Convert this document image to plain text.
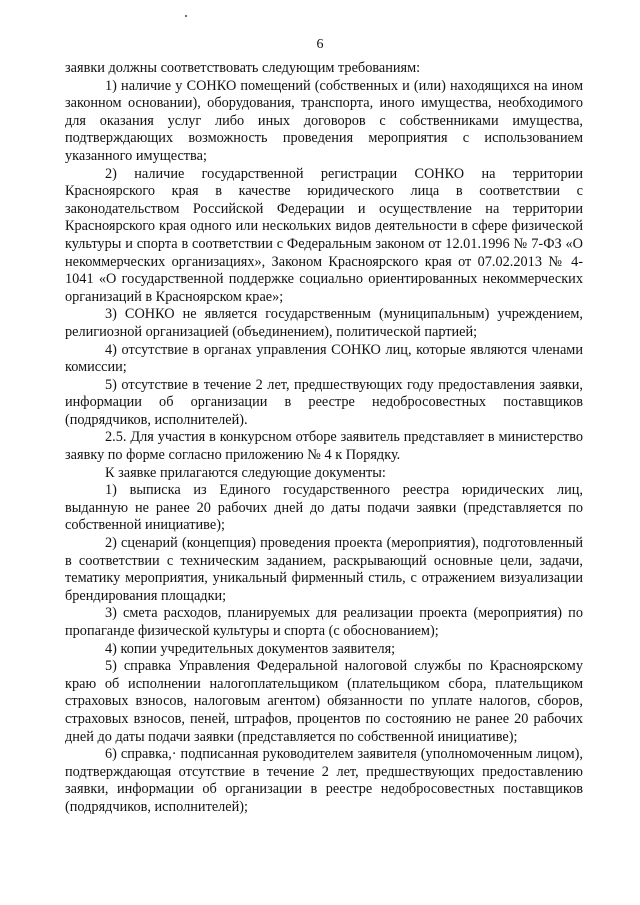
6

заявки должны соответствовать следующим требованиям:

1) наличие у СОНКО помещений (собственных и (или) находящихся на ином законном основании), оборудования, транспорта, иного имущества, необходимого для оказания услуг либо иных договоров с собственниками имущества, подтверждающих возможность проведения мероприятия с использованием указанного имущества;

2) наличие государственной регистрации СОНКО на территории Красноярского края в качестве юридического лица в соответствии с законодательством Российской Федерации и осуществление на территории Красноярского края одного или нескольких видов деятельности в сфере физической культуры и спорта в соответствии с Федеральным законом от 12.01.1996 № 7-ФЗ «О некоммерческих организациях», Законом Красноярского края от 07.02.2013 № 4-1041 «О государственной поддержке социально ориентированных некоммерческих организаций в Красноярском крае»;

3) СОНКО не является государственным (муниципальным) учреждением, религиозной организацией (объединением), политической партией;

4) отсутствие в органах управления СОНКО лиц, которые являются членами комиссии;

5) отсутствие в течение 2 лет, предшествующих году предоставления заявки, информации об организации в реестре недобросовестных поставщиков (подрядчиков, исполнителей).

2.5. Для участия в конкурсном отборе заявитель представляет в министерство заявку по форме согласно приложению № 4 к Порядку.

К заявке прилагаются следующие документы:

1) выписка из Единого государственного реестра юридических лиц, выданную не ранее 20 рабочих дней до даты подачи заявки (представляется по собственной инициативе);

2) сценарий (концепция) проведения проекта (мероприятия), подготовленный в соответствии с техническим заданием, раскрывающий основные цели, задачи, тематику мероприятия, уникальный фирменный стиль, с отражением визуализации брендирования площадки;

3) смета расходов, планируемых для реализации проекта (мероприятия) по пропаганде физической культуры и спорта (с обоснованием);

4) копии учредительных документов заявителя;

5) справка Управления Федеральной налоговой службы по Красноярскому краю об исполнении налогоплательщиком (плательщиком сбора, плательщиком страховых взносов, налоговым агентом) обязанности по уплате налогов, сборов, страховых взносов, пеней, штрафов, процентов по состоянию не ранее 20 рабочих дней до даты подачи заявки (представляется по собственной инициативе);

6) справка,· подписанная руководителем заявителя (уполномоченным лицом), подтверждающая отсутствие в течение 2 лет, предшествующих предоставлению заявки, информации об организации в реестре недобросовестных поставщиков (подрядчиков, исполнителей);
